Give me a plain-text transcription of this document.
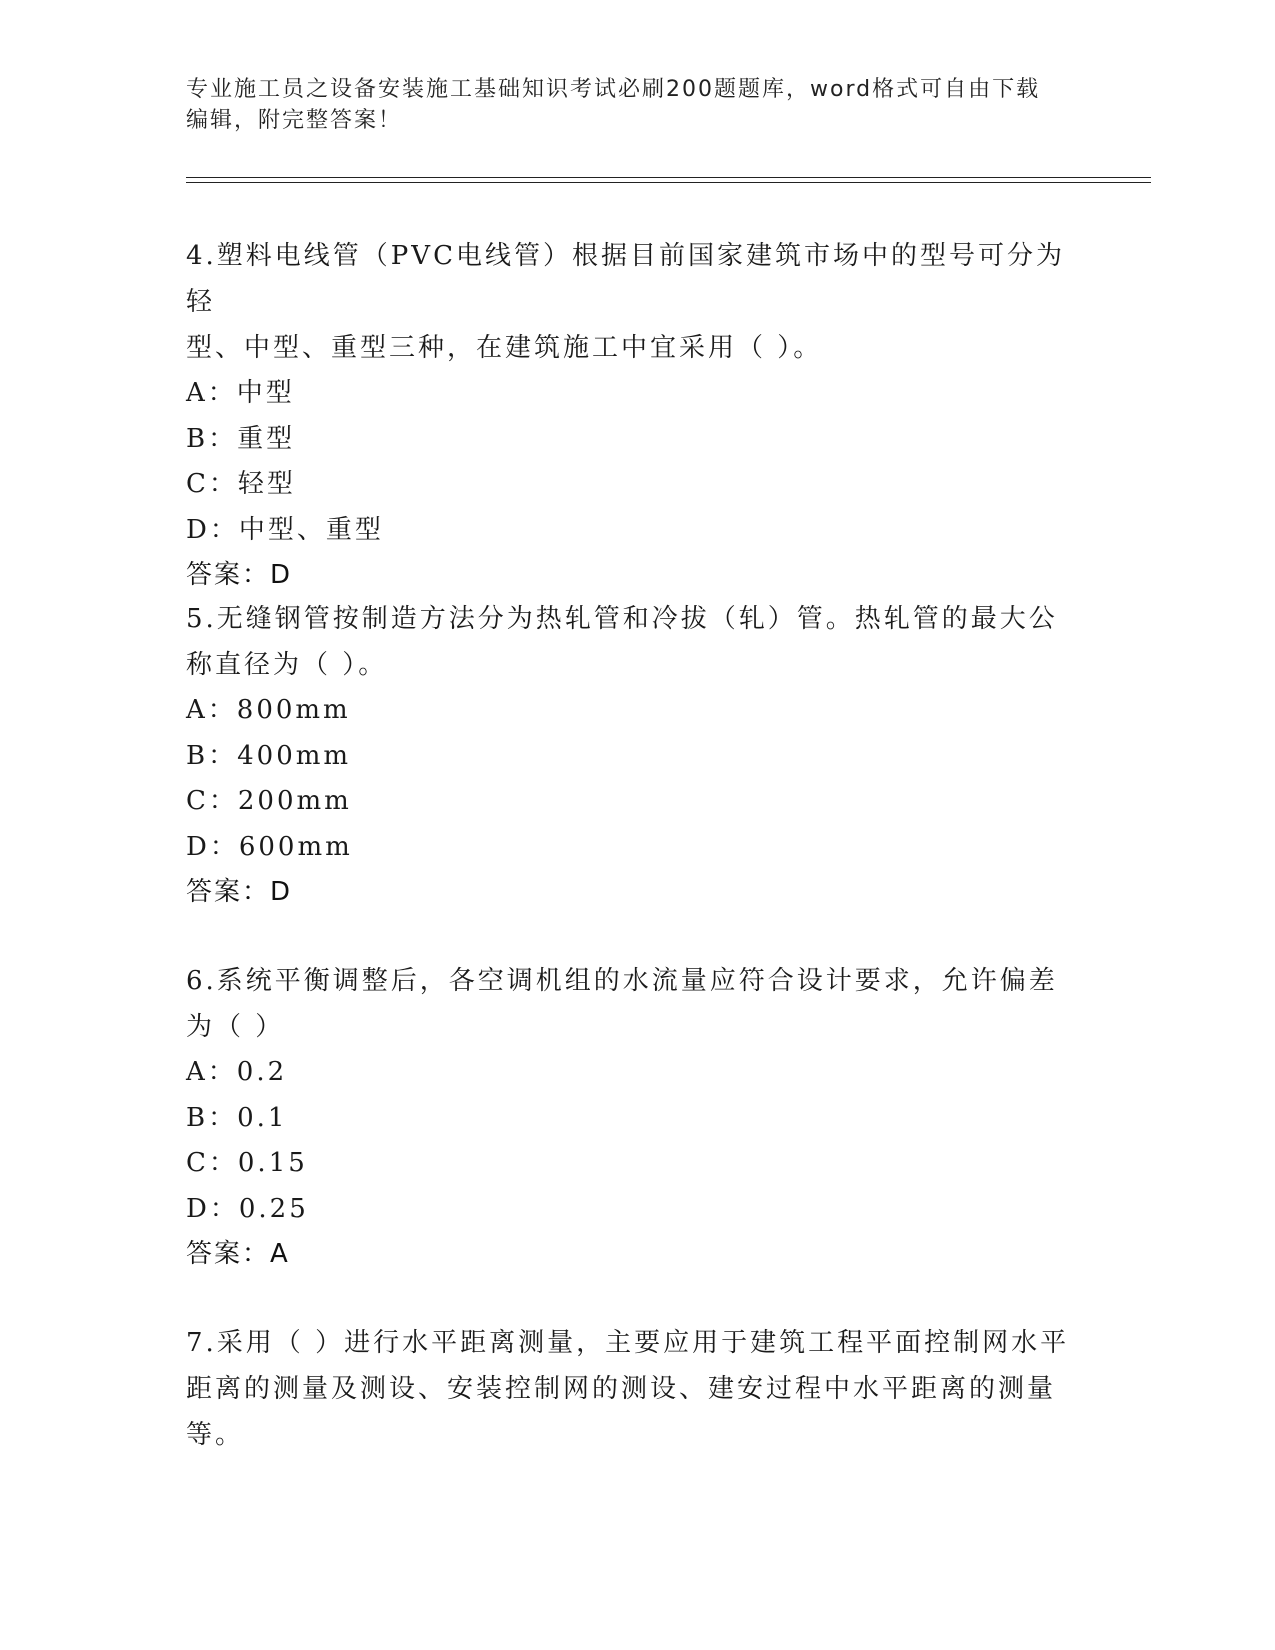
专业施工员之设备安装施工基础知识考试必刷200题题库，word格式可自由下载
编辑，附完整答案！
4.塑料电线管（PVC电线管）根据目前国家建筑市场中的型号可分为轻
型、中型、重型三种，在建筑施工中宜采用（ ）。
A：中型
B：重型
C：轻型
D：中型、重型
答案：D
5.无缝钢管按制造方法分为热轧管和冷拔（轧）管。热轧管的最大公
称直径为（ ）。
A：800mm
B：400mm
C：200mm
D：600mm
答案：D
6.系统平衡调整后，各空调机组的水流量应符合设计要求，允许偏差
为（ ）
A：0.2
B：0.1
C：0.15
D：0.25
答案：A
7.采用（ ）进行水平距离测量，主要应用于建筑工程平面控制网水平
距离的测量及测设、安装控制网的测设、建安过程中水平距离的测量
等。
